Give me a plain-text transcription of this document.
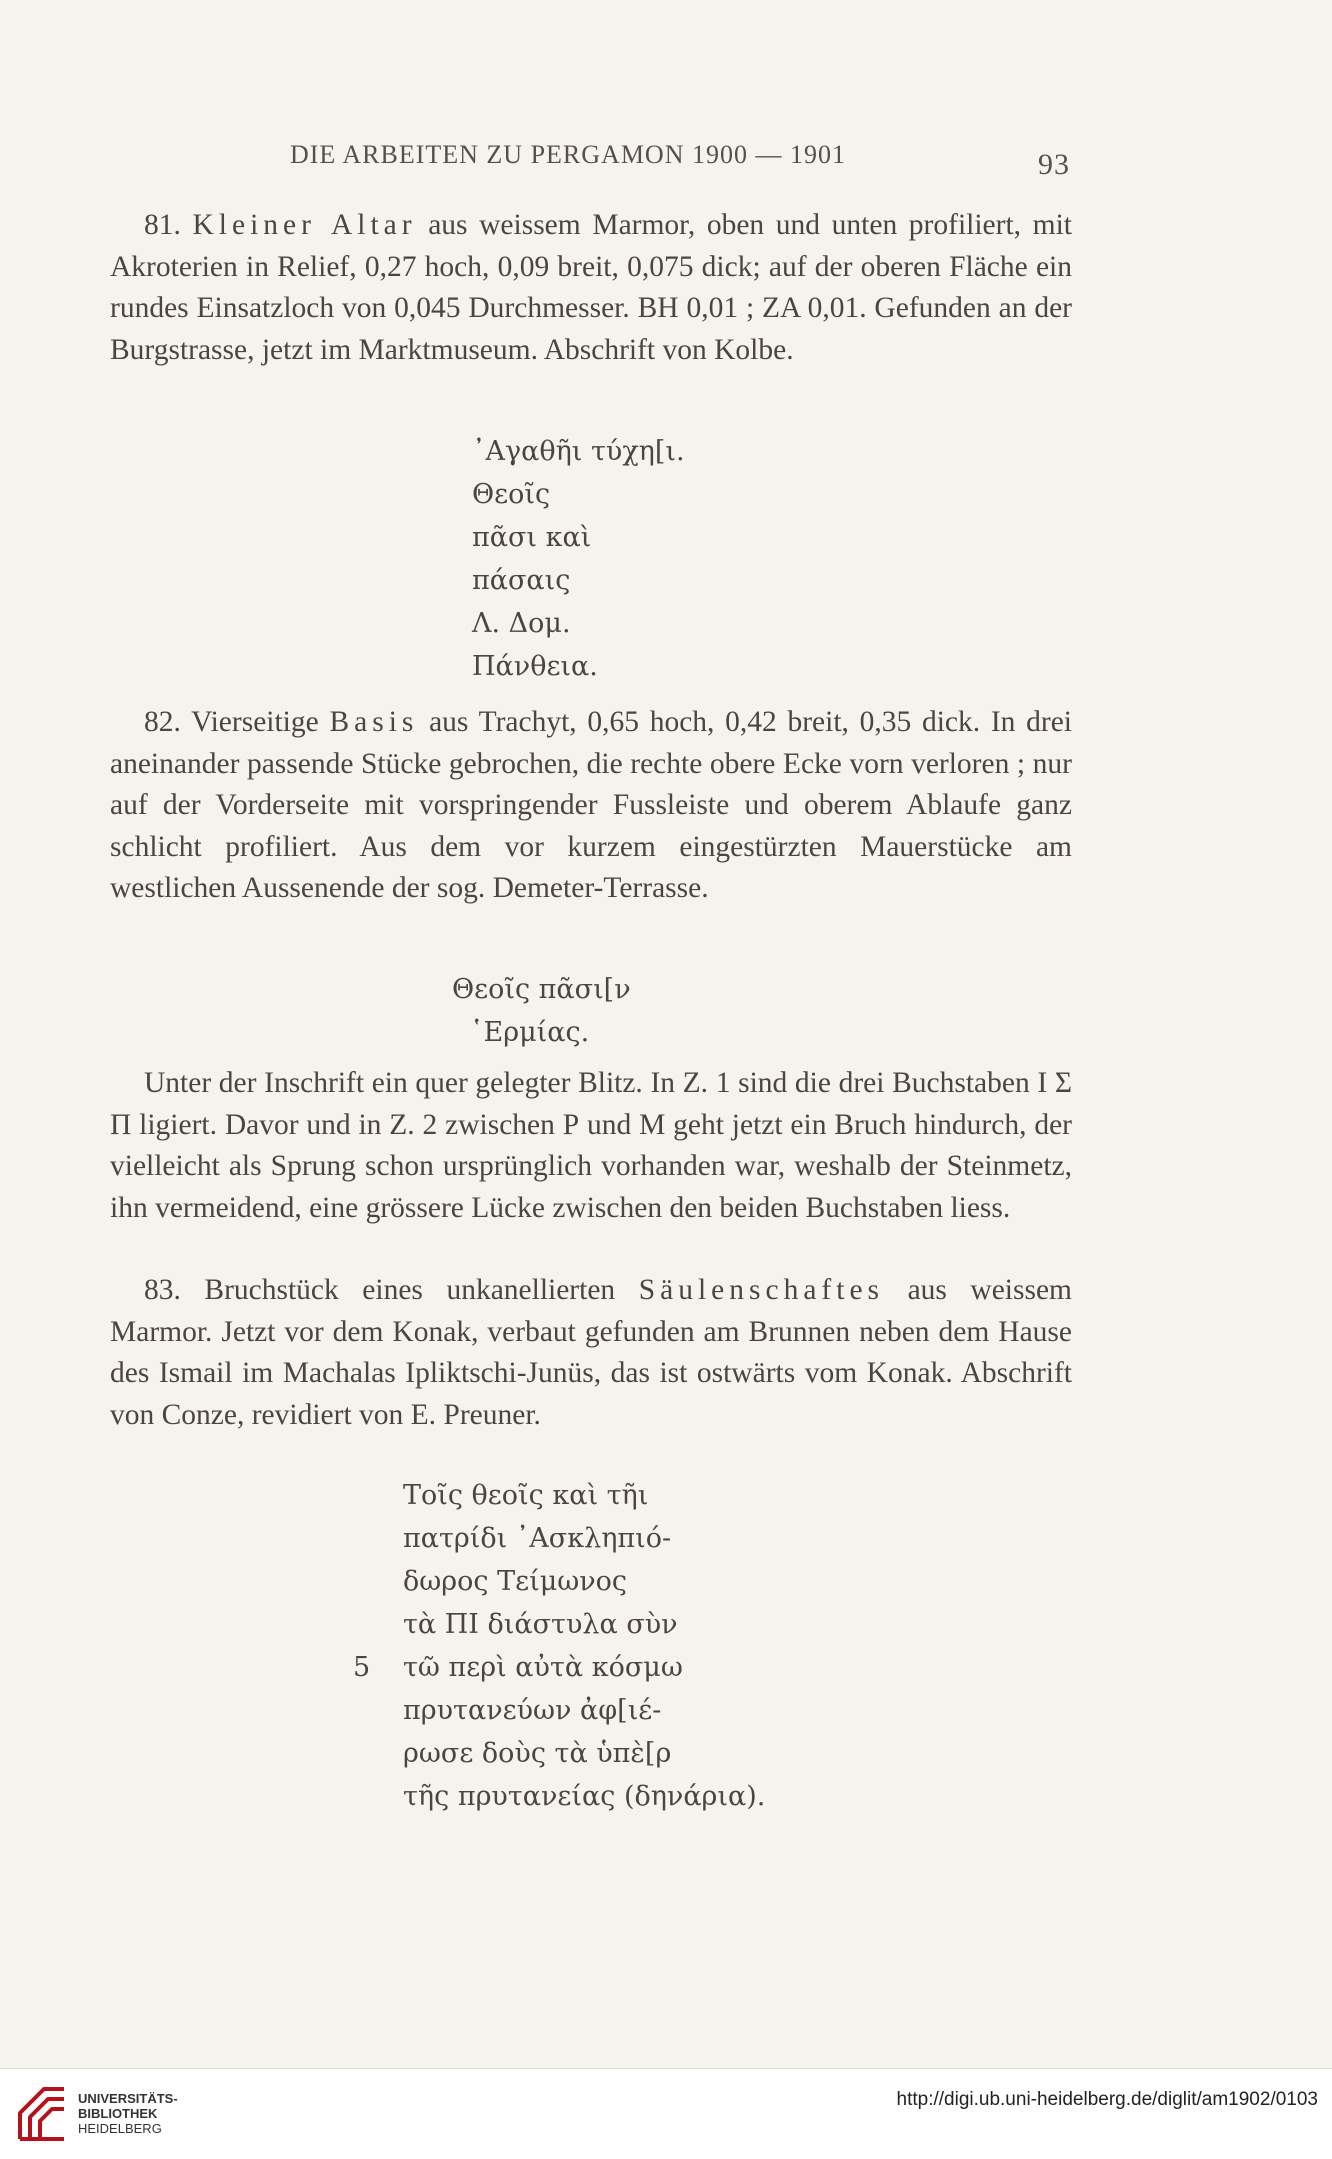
DIE ARBEITEN ZU PERGAMON 1900 — 1901	93

81. Kleiner Altar aus weissem Marmor, oben und unten profiliert, mit Akroterien in Relief, 0,27 hoch, 0,09 breit, 0,075 dick; auf der oberen Fläche ein rundes Einsatzloch von 0,045 Durchmesser. BH 0,01 ; ZA 0,01. Gefunden an der Burgstrasse, jetzt im Marktmuseum. Abschrift von Kolbe.

᾿Αγαθῆι τύχη[ι.
Θεοῖς
πᾶσι καὶ
πάσαις
Λ. Δομ.
Πάνθεια.

82. Vierseitige Basis aus Trachyt, 0,65 hoch, 0,42 breit, 0,35 dick. In drei aneinander passende Stücke gebrochen, die rechte obere Ecke vorn verloren ; nur auf der Vorderseite mit vorspringender Fussleiste und oberem Ablaufe ganz schlicht profiliert. Aus dem vor kurzem eingestürzten Mauerstücke am westlichen Aussenende der sog. Demeter-Terrasse.

Θεοῖς πᾶσι[ν
῾Ερμίας.

Unter der Inschrift ein quer gelegter Blitz. In Z. 1 sind die drei Buchstaben Ι Σ Π ligiert. Davor und in Z. 2 zwischen Ρ und Μ geht jetzt ein Bruch hindurch, der vielleicht als Sprung schon ursprünglich vorhanden war, weshalb der Steinmetz, ihn vermeidend, eine grössere Lücke zwischen den beiden Buchstaben liess.

83. Bruchstück eines unkanellierten Säulenschaftes aus weissem Marmor. Jetzt vor dem Konak, verbaut gefunden am Brunnen neben dem Hause des Ismail im Machalas Ipliktschi-Junüs, das ist ostwärts vom Konak. Abschrift von Conze, revidiert von E. Preuner.

Τοῖς θεοῖς καὶ τῆι
πατρίδι ᾿Ασκληπιό-
δωρος Τείμωνος
τὰ ΠΙ διάστυλα σὺν
5 τῶ περὶ αὐτὰ κόσμω
πρυτανεύων ἀφ[ιέ-
ρωσε δοὺς τὰ ὑπὲ[ρ
τῆς πρυτανείας (δηνάρια).
UNIVERSITÄTS-
BIBLIOTHEK
HEIDELBERG
http://digi.ub.uni-heidelberg.de/diglit/am1902/0103
